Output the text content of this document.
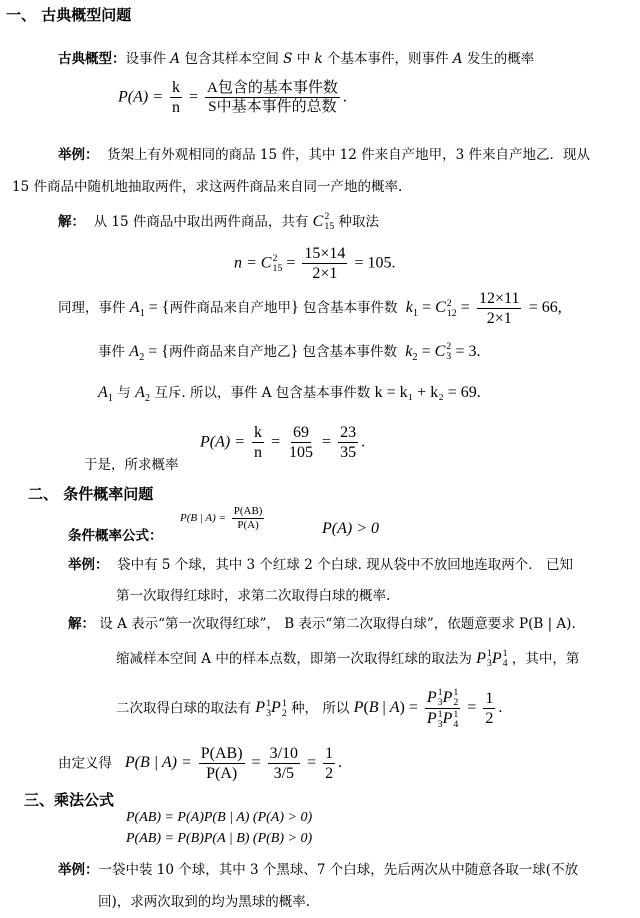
一、 古典概型问题
古典概型：设事件 A 包含其样本空间 S 中 k 个基本事件，则事件 A 发生的概率
$P(A) = \frac{k}{n} = \frac{\text{A包含的基本事件数}}{\text{S中基本事件的总数}}$ .
举例： 货架上有外观相同的商品 15 件，其中 12 件来自产地甲，3 件来自产地乙．现从
15 件商品中随机地抽取两件，求这两件商品来自同一产地的概率.
解： 从 15 件商品中取出两件商品，共有 C 2
15 种取法
n = C 2
$15 = \frac{15\times 14}{2\times 1} = 105$.
同理，事件 $A_1$ = {两件商品来自产地甲} 包含基本事件数 $k_1 = C$ 2
$12 = \frac{12\times 11}{2\times 1} = 66$,
事件 $A_2$ = {两件商品来自产地乙} 包含基本事件数 $k_2 = C$ 2
3 = 3.
$A_1$ 与 $A_2$ 互斥. 所以，事件 A 包含基本事件数 k = k₁ + k₂ = 69.
$P(A) = \frac{k}{n} = \frac{69}{105} = \frac{23}{35}$ .
于是，所求概率
二、 条件概率问题
P(B | $A) = \frac{P(AB)}{P(A)}$
条件概率公式：	P(A) > 0
举例： 袋中有 5 个球，其中 3 个红球 2 个白球. 现从袋中不放回地连取两个． 已知
第一次取得红球时，求第二次取得白球的概率.
解： 设 A 表示“第一次取得红球”， B 表示“第二次取得白球”，依题意要求 P(B | A).
缩减样本空间 A 中的样本点数，即第一次取得红球的取法为 P 1
3 P 1
4 ，其中，第
二次取得白球的取法有 P 1
3 P 1
2 种， 所以 P(B | A) = P 1
3 P 1
2
P 1
3 P 1
$4 = \frac{1}{2}$ .
由定义得 P(B | $A) = \frac{P(AB)}{P(A)} = \frac{3/10}{3/5} = \frac{1}{2}$ .
三、乘法公式
P(AB) = P(A)P(B | A) (P(A) > 0)
P(AB) = P(B)P(A | B) (P(B) > 0)
举例：一袋中装 10 个球，其中 3 个黑球、7 个白球，先后两次从中随意各取一球(不放
回)，求两次取到的均为黑球的概率.
